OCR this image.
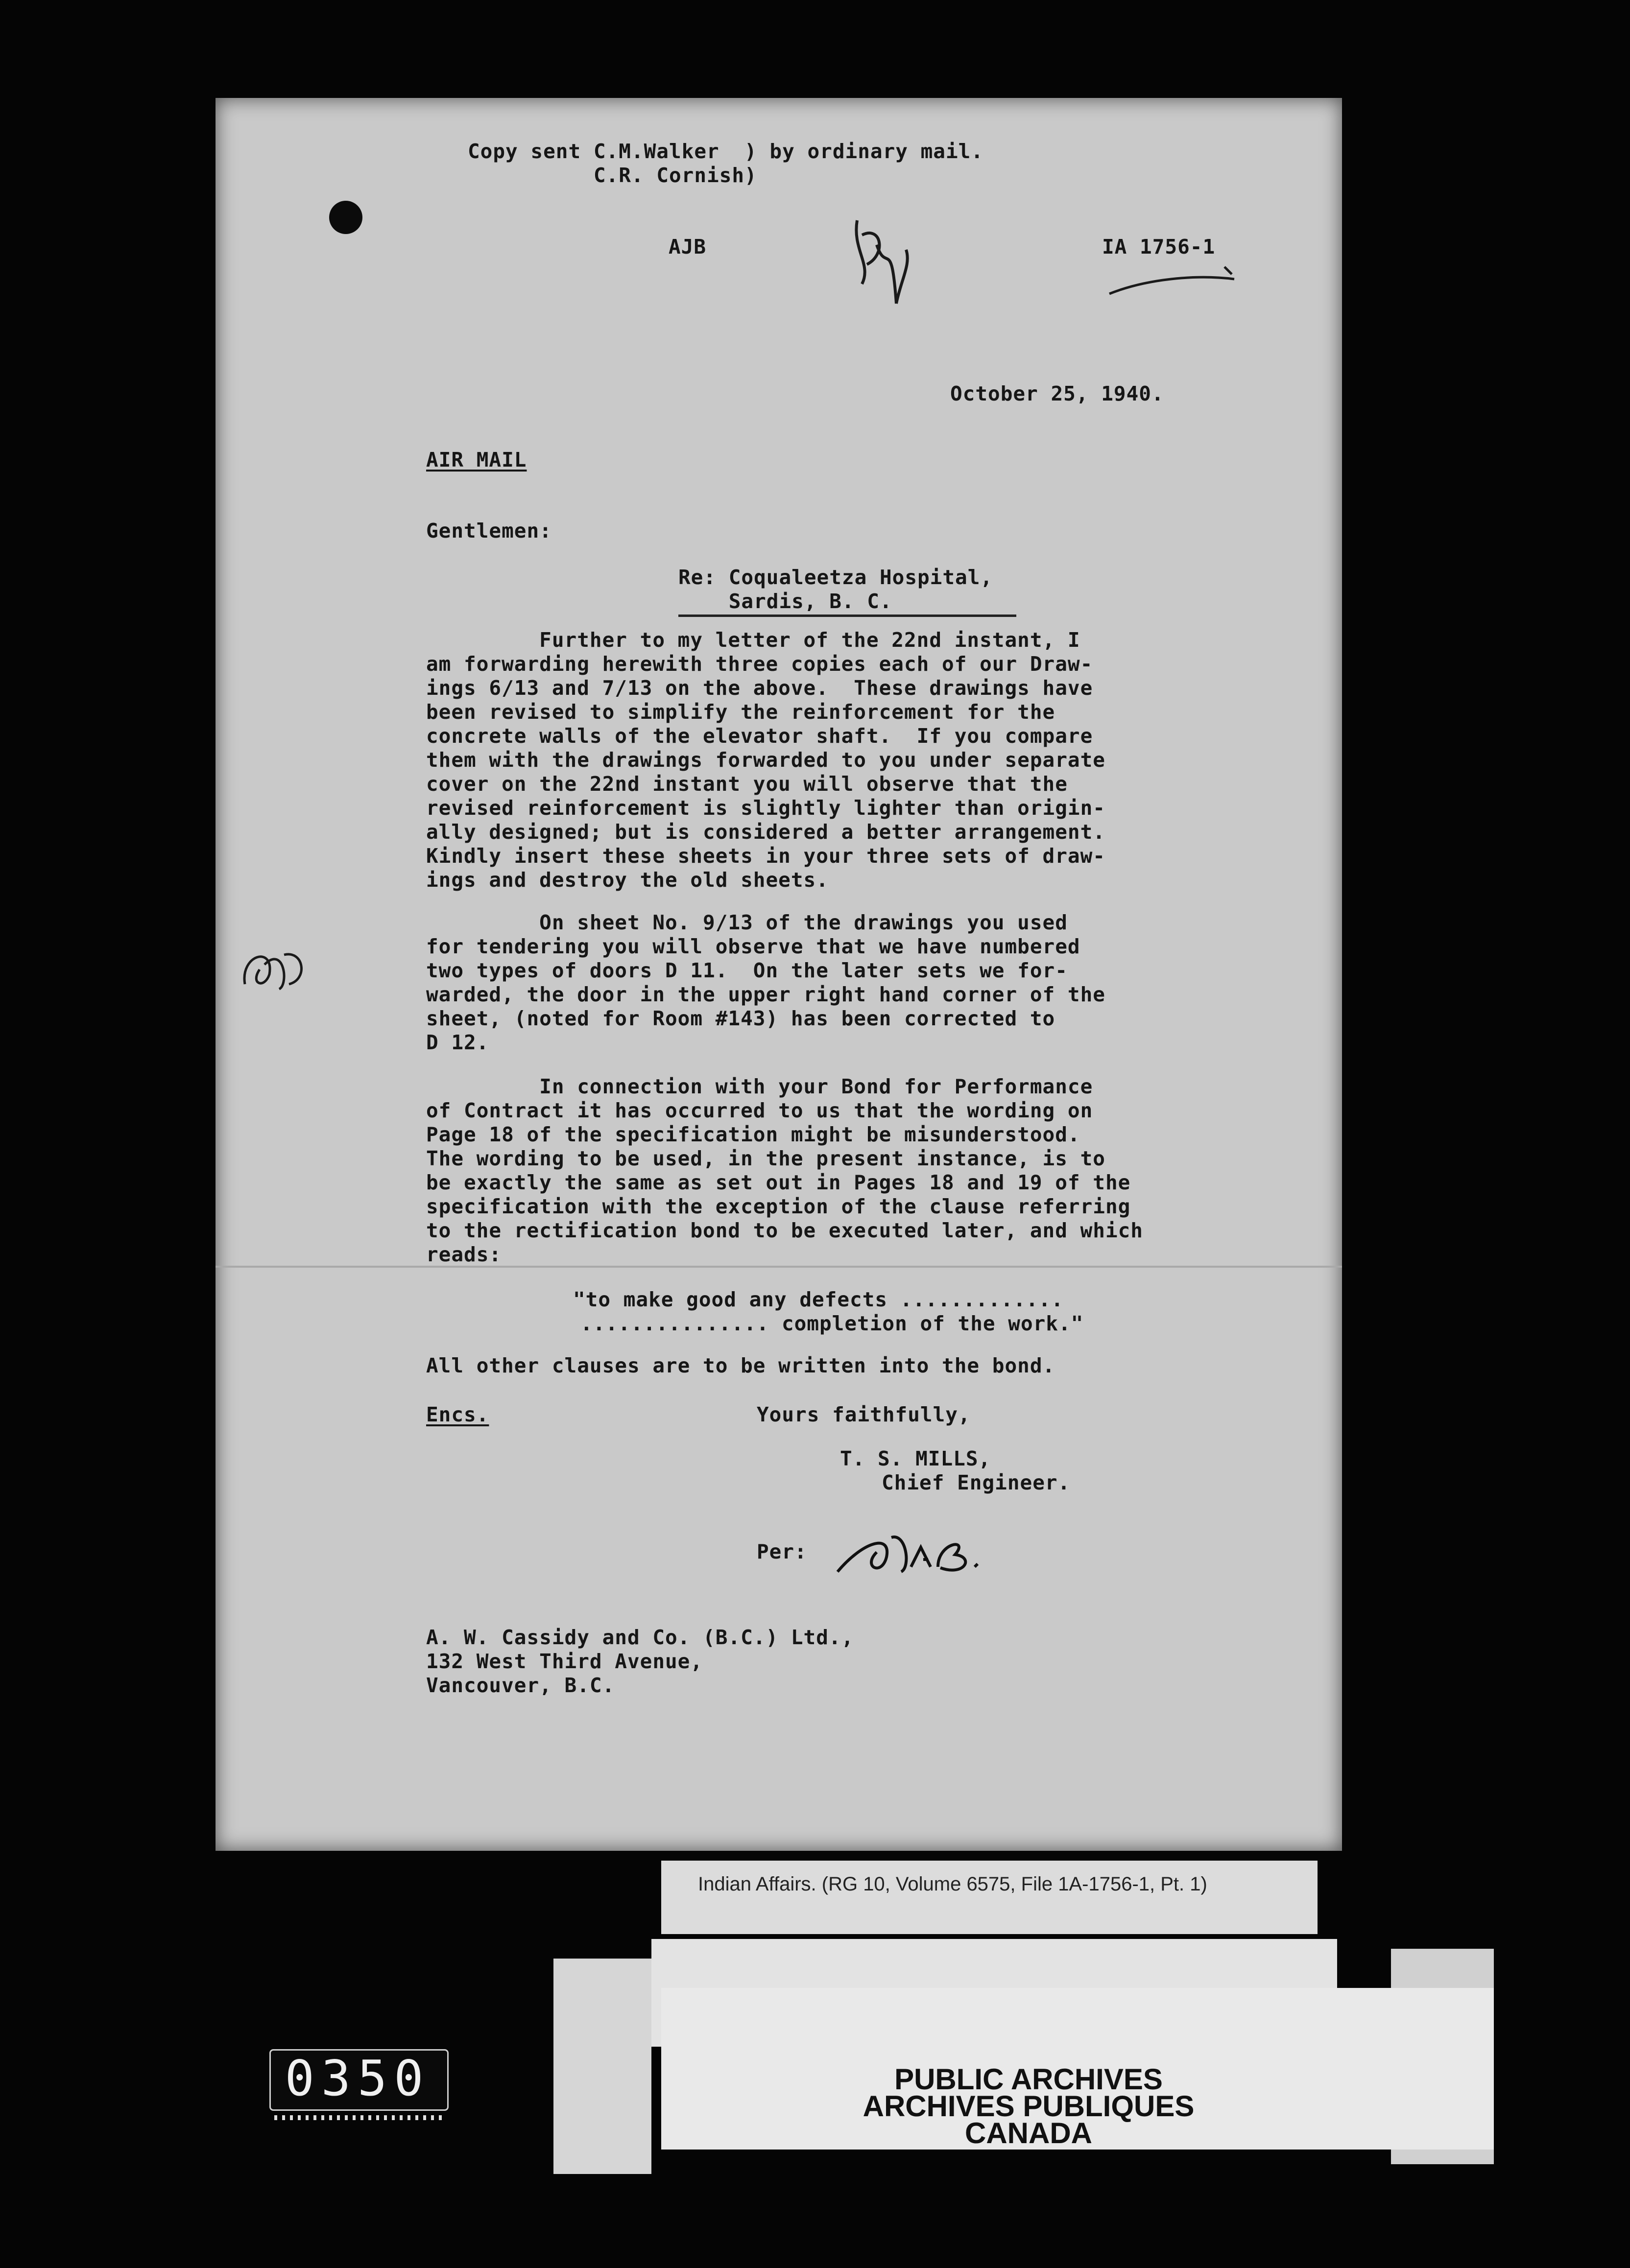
Copy sent C.M.Walker  ) by ordinary mail.
C.R. Cornish)
AJB	IA 1756-1
October 25, 1940.
AIR MAIL
Gentlemen:
Re: Coqualeetza Hospital,
Sardis, B. C.
Further to my letter of the 22nd instant, I
am forwarding herewith three copies each of our Draw-
ings 6/13 and 7/13 on the above.  These drawings have
been revised to simplify the reinforcement for the
concrete walls of the elevator shaft.  If you compare
them with the drawings forwarded to you under separate
cover on the 22nd instant you will observe that the
revised reinforcement is slightly lighter than origin-
ally designed; but is considered a better arrangement.
Kindly insert these sheets in your three sets of draw-
ings and destroy the old sheets.
On sheet No. 9/13 of the drawings you used
for tendering you will observe that we have numbered
two types of doors D 11.  On the later sets we for-
warded, the door in the upper right hand corner of the
sheet, (noted for Room #143) has been corrected to
D 12.
In connection with your Bond for Performance
of Contract it has occurred to us that the wording on
Page 18 of the specification might be misunderstood.
The wording to be used, in the present instance, is to
be exactly the same as set out in Pages 18 and 19 of the
specification with the exception of the clause referring
to the rectification bond to be executed later, and which
reads:
"to make good any defects .............
............... completion of the work."
All other clauses are to be written into the bond.
Encs.	Yours faithfully,
T. S. MILLS,
Chief Engineer.
Per:
A. W. Cassidy and Co. (B.C.) Ltd.,
132 West Third Avenue,
Vancouver, B.C.
Indian Affairs. (RG 10, Volume 6575, File 1A-1756-1, Pt. 1)
PUBLIC ARCHIVES
ARCHIVES PUBLIQUES
CANADA
0350
